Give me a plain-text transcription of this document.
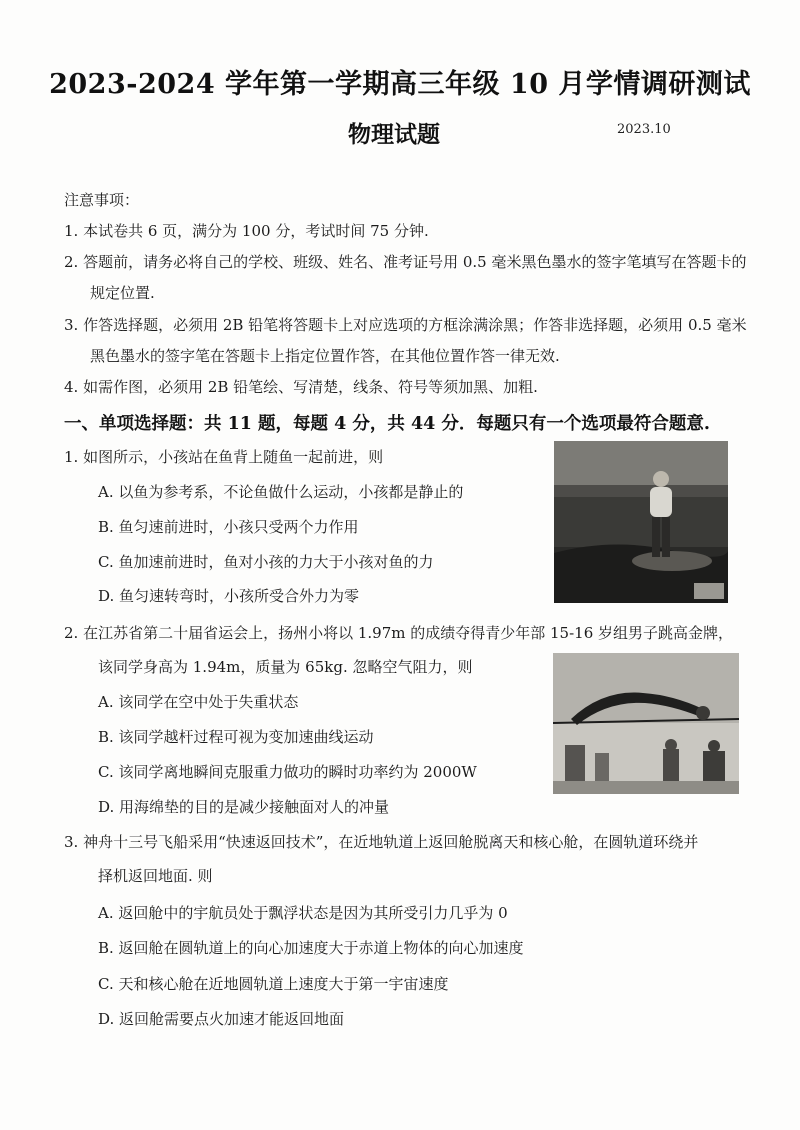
2023-2024 学年第一学期高三年级 10 月学情调研测试
物理试题	2023.10
注意事项：
1. 本试卷共 6 页，满分为 100 分，考试时间 75 分钟.
2. 答题前，请务必将自己的学校、班级、姓名、准考证号用 0.5 毫米黑色墨水的签字笔填写在答题卡的
规定位置.
3. 作答选择题，必须用 2B 铅笔将答题卡上对应选项的方框涂满涂黑；作答非选择题，必须用 0.5 毫米
黑色墨水的签字笔在答题卡上指定位置作答，在其他位置作答一律无效.
4. 如需作图，必须用 2B 铅笔绘、写清楚，线条、符号等须加黑、加粗.
一、单项选择题：共 11 题，每题 4 分，共 44 分．每题只有一个选项最符合题意.
1. 如图所示，小孩站在鱼背上随鱼一起前进，则
A. 以鱼为参考系，不论鱼做什么运动，小孩都是静止的
B. 鱼匀速前进时，小孩只受两个力作用
C. 鱼加速前进时，鱼对小孩的力大于小孩对鱼的力
D. 鱼匀速转弯时，小孩所受合外力为零
2. 在江苏省第二十届省运会上，扬州小将以 1.97m 的成绩夺得青少年部 15-16 岁组男子跳高金牌，
该同学身高为 1.94m，质量为 65kg. 忽略空气阻力，则
A. 该同学在空中处于失重状态
B. 该同学越杆过程可视为变加速曲线运动
C. 该同学离地瞬间克服重力做功的瞬时功率约为 2000W
D. 用海绵垫的目的是减少接触面对人的冲量
3. 神舟十三号飞船采用“快速返回技术”，在近地轨道上返回舱脱离天和核心舱，在圆轨道环绕并
择机返回地面. 则
A. 返回舱中的宇航员处于飘浮状态是因为其所受引力几乎为 0
B. 返回舱在圆轨道上的向心加速度大于赤道上物体的向心加速度
C. 天和核心舱在近地圆轨道上速度大于第一宇宙速度
D. 返回舱需要点火加速才能返回地面
